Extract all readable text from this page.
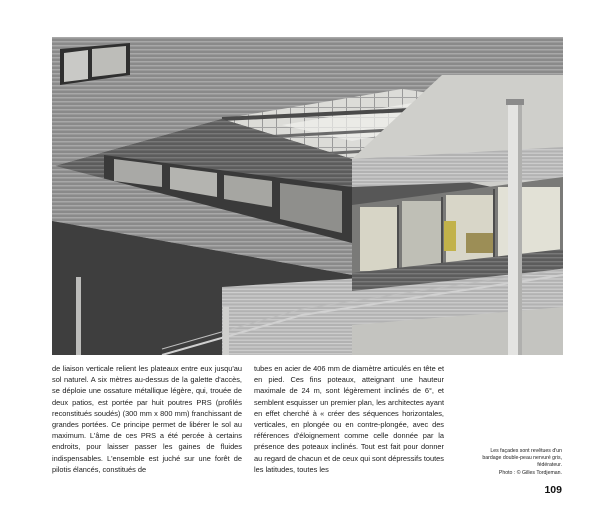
de liaison verticale relient les plateaux entre eux jusqu'au sol naturel. A six mètres au-dessus de la galette d'accès, se déploie une ossature métallique légère, qui, trouée de deux patios, est portée par huit poutres PRS (profilés reconstitués soudés) (300 mm x 800 mm) franchissant de grandes portées. Ce principe permet de libérer le sol au maximum. L'âme de ces PRS a été percée à certains endroits, pour laisser passer les gaines de fluides indispensables. L'ensemble est juché sur une forêt de pilotis élancés, constitués de
tubes en acier de 406 mm de diamètre articulés en tête et en pied. Ces fins poteaux, atteignant une hauteur maximale de 24 m, sont légèrement inclinés de 6°, et semblent esquisser un premier plan, les architectes ayant en effet cherché à « créer des séquences horizontales, verticales, en plongée ou en contre-plongée, avec des références d'éloignement comme celle donnée par la présence des poteaux inclinés. Tout est fait pour donner au regard de chacun et de ceux qui sont dépressifs toutes les latitudes, toutes les
Les façades sont revêtues d'un bardage double-peau nervuré gris, fédérateur.
Photo : © Gilles Tordjeman.
109
